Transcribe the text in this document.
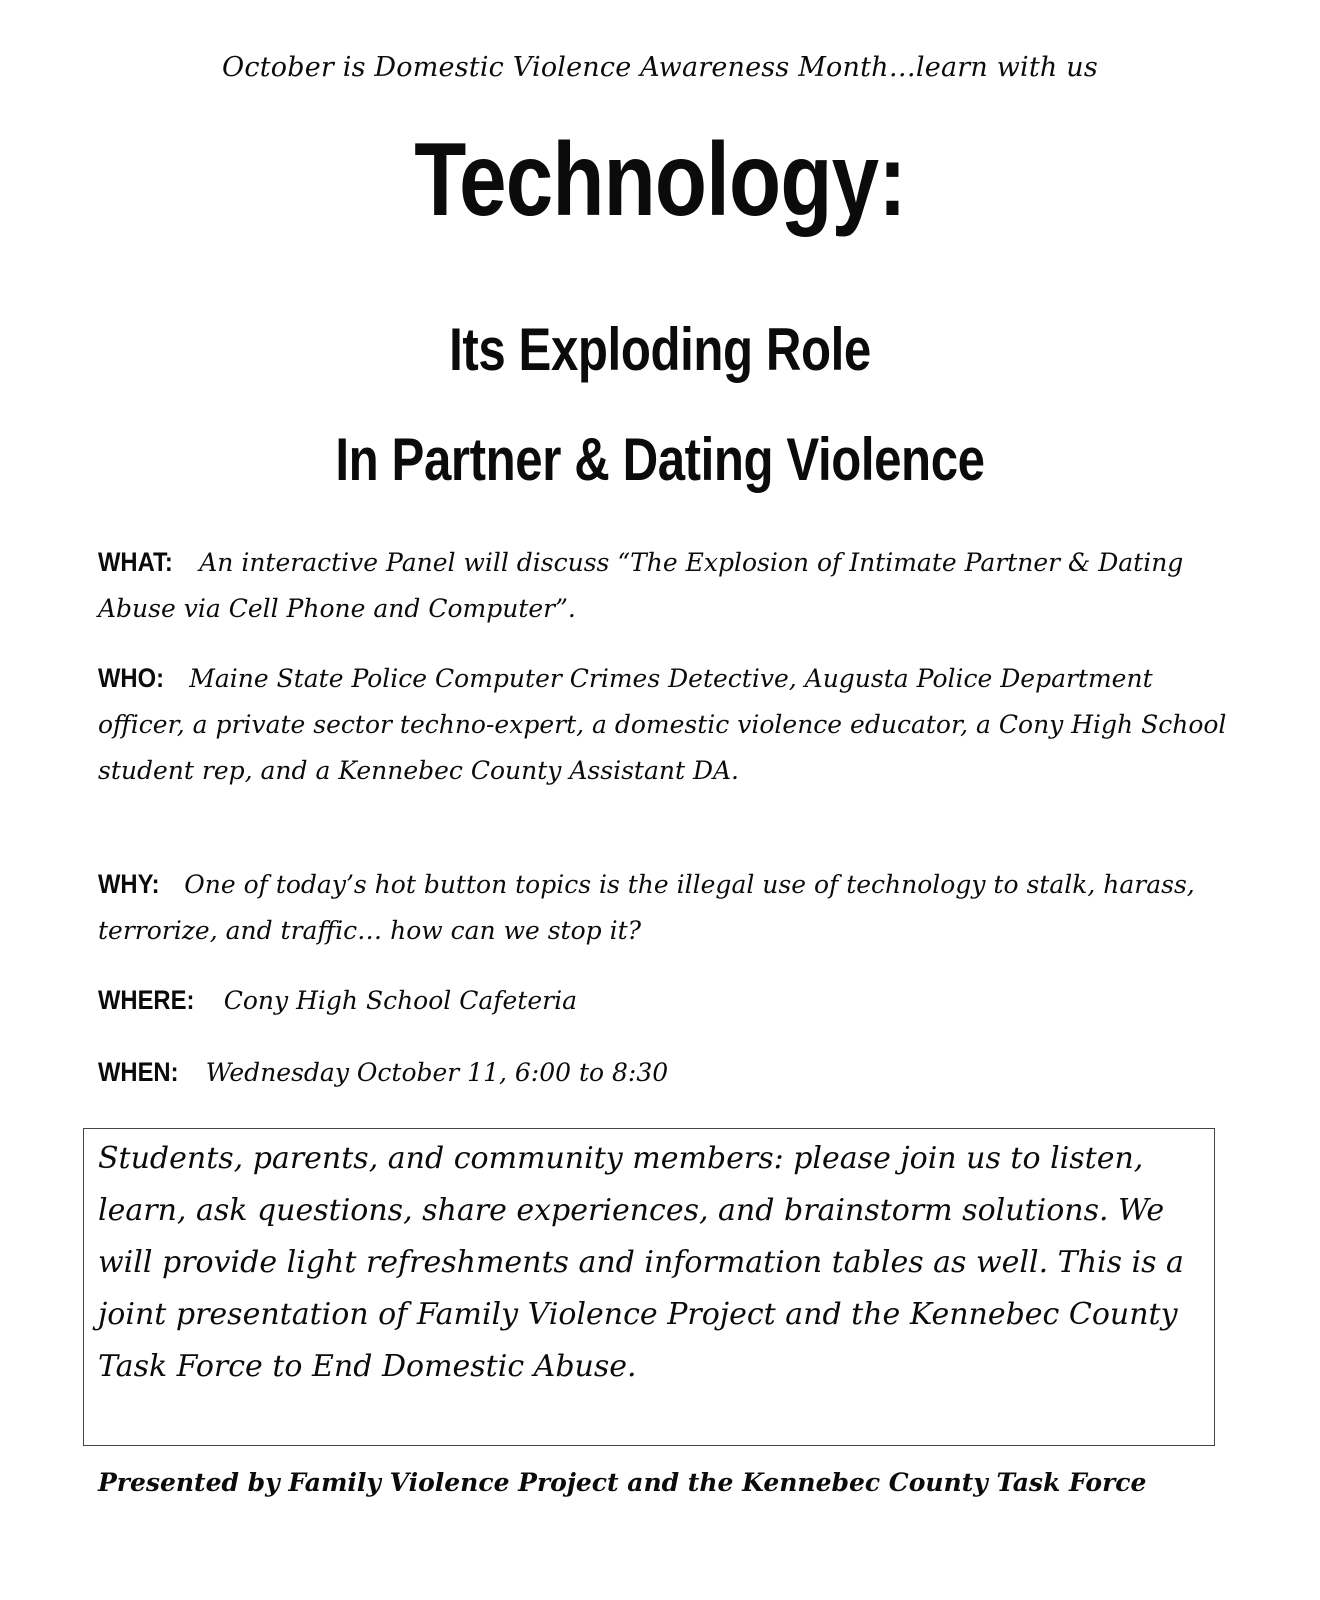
October is Domestic Violence Awareness Month…learn with us
Technology:
Its Exploding Role
In Partner & Dating Violence
WHAT: An interactive Panel will discuss “The Explosion of Intimate Partner & Dating Abuse via Cell Phone and Computer”.
WHO: Maine State Police Computer Crimes Detective, Augusta Police Department officer, a private sector techno-expert, a domestic violence educator, a Cony High School student rep, and a Kennebec County Assistant DA.
WHY: One of today’s hot button topics is the illegal use of technology to stalk, harass, terrorize, and traffic… how can we stop it?
WHERE: Cony High School Cafeteria
WHEN: Wednesday October 11, 6:00 to 8:30
Students, parents, and community members: please join us to listen, learn, ask questions, share experiences, and brainstorm solutions. We will provide light refreshments and information tables as well. This is a joint presentation of Family Violence Project and the Kennebec County Task Force to End Domestic Abuse.
Presented by Family Violence Project and the Kennebec County Task Force
